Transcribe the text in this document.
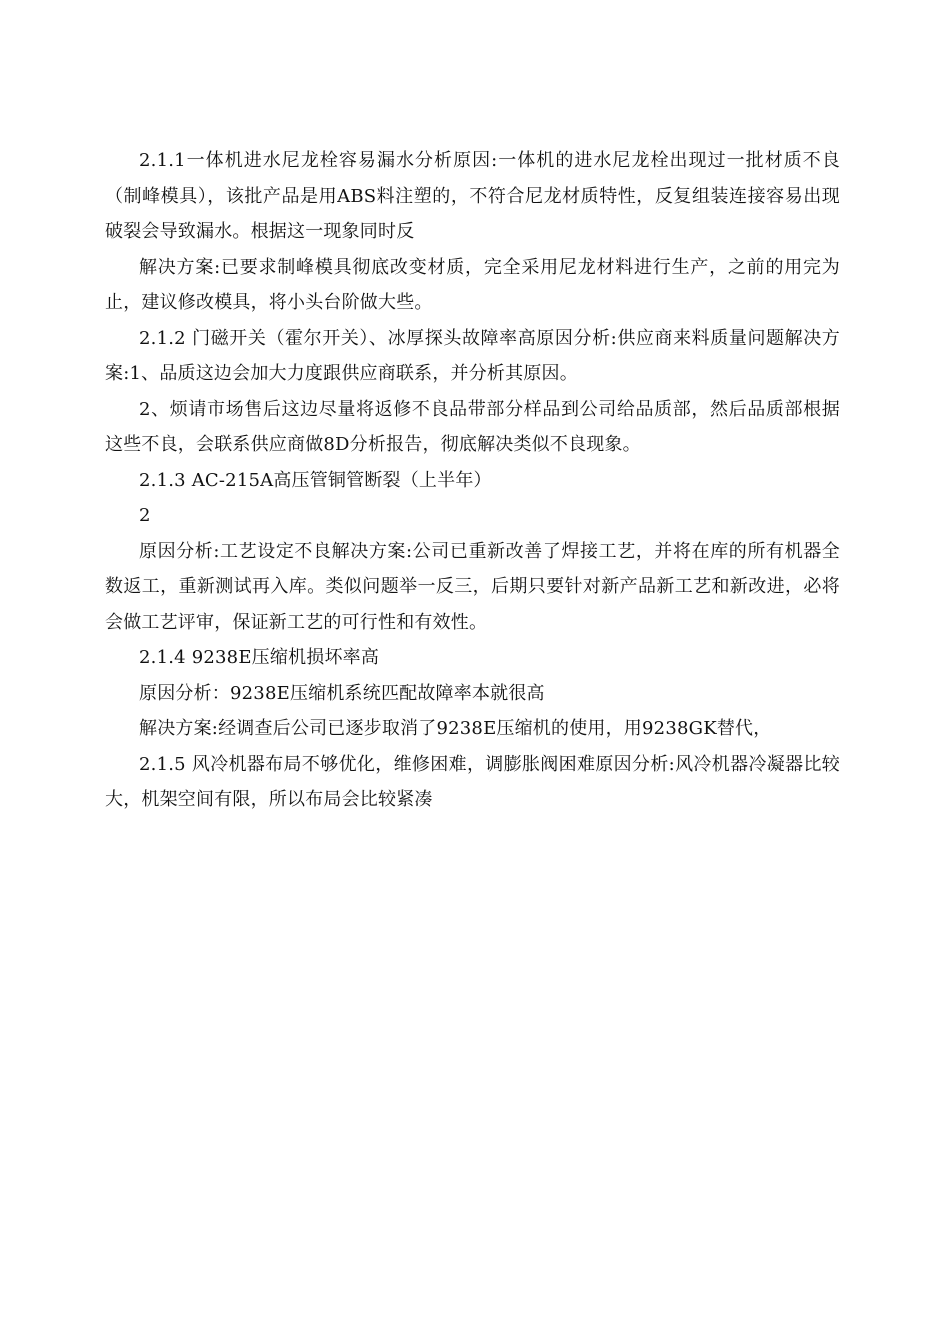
2.1.1一体机进水尼龙栓容易漏水分析原因:一体机的进水尼龙栓出现过一批材质不良（制峰模具），该批产品是用ABS料注塑的，不符合尼龙材质特性，反复组装连接容易出现破裂会导致漏水。根据这一现象同时反

解决方案:已要求制峰模具彻底改变材质，完全采用尼龙材料进行生产，之前的用完为止，建议修改模具，将小头台阶做大些。

2.1.2 门磁开关（霍尔开关）、冰厚探头故障率高原因分析:供应商来料质量问题解决方案:1、品质这边会加大力度跟供应商联系，并分析其原因。

2、烦请市场售后这边尽量将返修不良品带部分样品到公司给品质部，然后品质部根据这些不良，会联系供应商做8D分析报告，彻底解决类似不良现象。

2.1.3 AC-215A高压管铜管断裂（上半年）

2

原因分析:工艺设定不良解决方案:公司已重新改善了焊接工艺，并将在库的所有机器全数返工，重新测试再入库。类似问题举一反三，后期只要针对新产品新工艺和新改进，必将会做工艺评审，保证新工艺的可行性和有效性。

2.1.4 9238E压缩机损坏率高

原因分析：9238E压缩机系统匹配故障率本就很高

解决方案:经调查后公司已逐步取消了9238E压缩机的使用，用9238GK替代，

2.1.5 风冷机器布局不够优化，维修困难，调膨胀阀困难原因分析:风冷机器冷凝器比较大，机架空间有限，所以布局会比较紧凑
